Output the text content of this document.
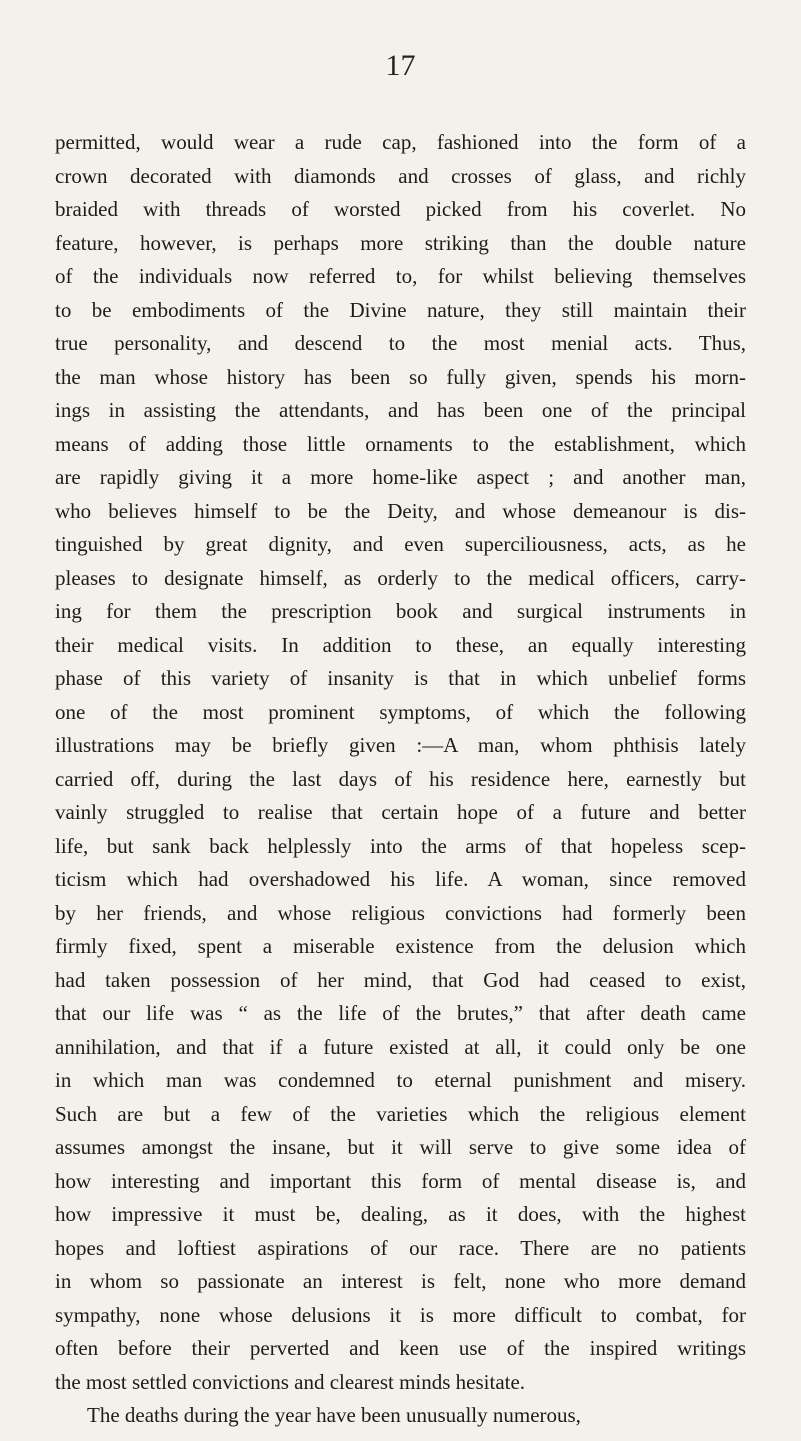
17
permitted, would wear a rude cap, fashioned into the form of a
crown decorated with diamonds and crosses of glass, and richly
braided with threads of worsted picked from his coverlet. No
feature, however, is perhaps more striking than the double nature
of the individuals now referred to, for whilst believing themselves
to be embodiments of the Divine nature, they still maintain their
true personality, and descend to the most menial acts. Thus,
the man whose history has been so fully given, spends his morn-
ings in assisting the attendants, and has been one of the principal
means of adding those little ornaments to the establishment, which
are rapidly giving it a more home-like aspect ; and another man,
who believes himself to be the Deity, and whose demeanour is dis-
tinguished by great dignity, and even superciliousness, acts, as he
pleases to designate himself, as orderly to the medical officers, carry-
ing for them the prescription book and surgical instruments in
their medical visits. In addition to these, an equally interesting
phase of this variety of insanity is that in which unbelief forms
one of the most prominent symptoms, of which the following
illustrations may be briefly given :—A man, whom phthisis lately
carried off, during the last days of his residence here, earnestly but
vainly struggled to realise that certain hope of a future and better
life, but sank back helplessly into the arms of that hopeless scep-
ticism which had overshadowed his life. A woman, since removed
by her friends, and whose religious convictions had formerly been
firmly fixed, spent a miserable existence from the delusion which
had taken possession of her mind, that God had ceased to exist,
that our life was “ as the life of the brutes,” that after death came
annihilation, and that if a future existed at all, it could only be one
in which man was condemned to eternal punishment and misery.
Such are but a few of the varieties which the religious element
assumes amongst the insane, but it will serve to give some idea of
how interesting and important this form of mental disease is, and
how impressive it must be, dealing, as it does, with the highest
hopes and loftiest aspirations of our race. There are no patients
in whom so passionate an interest is felt, none who more demand
sympathy, none whose delusions it is more difficult to combat, for
often before their perverted and keen use of the inspired writings
the most settled convictions and clearest minds hesitate.
The deaths during the year have been unusually numerous,
